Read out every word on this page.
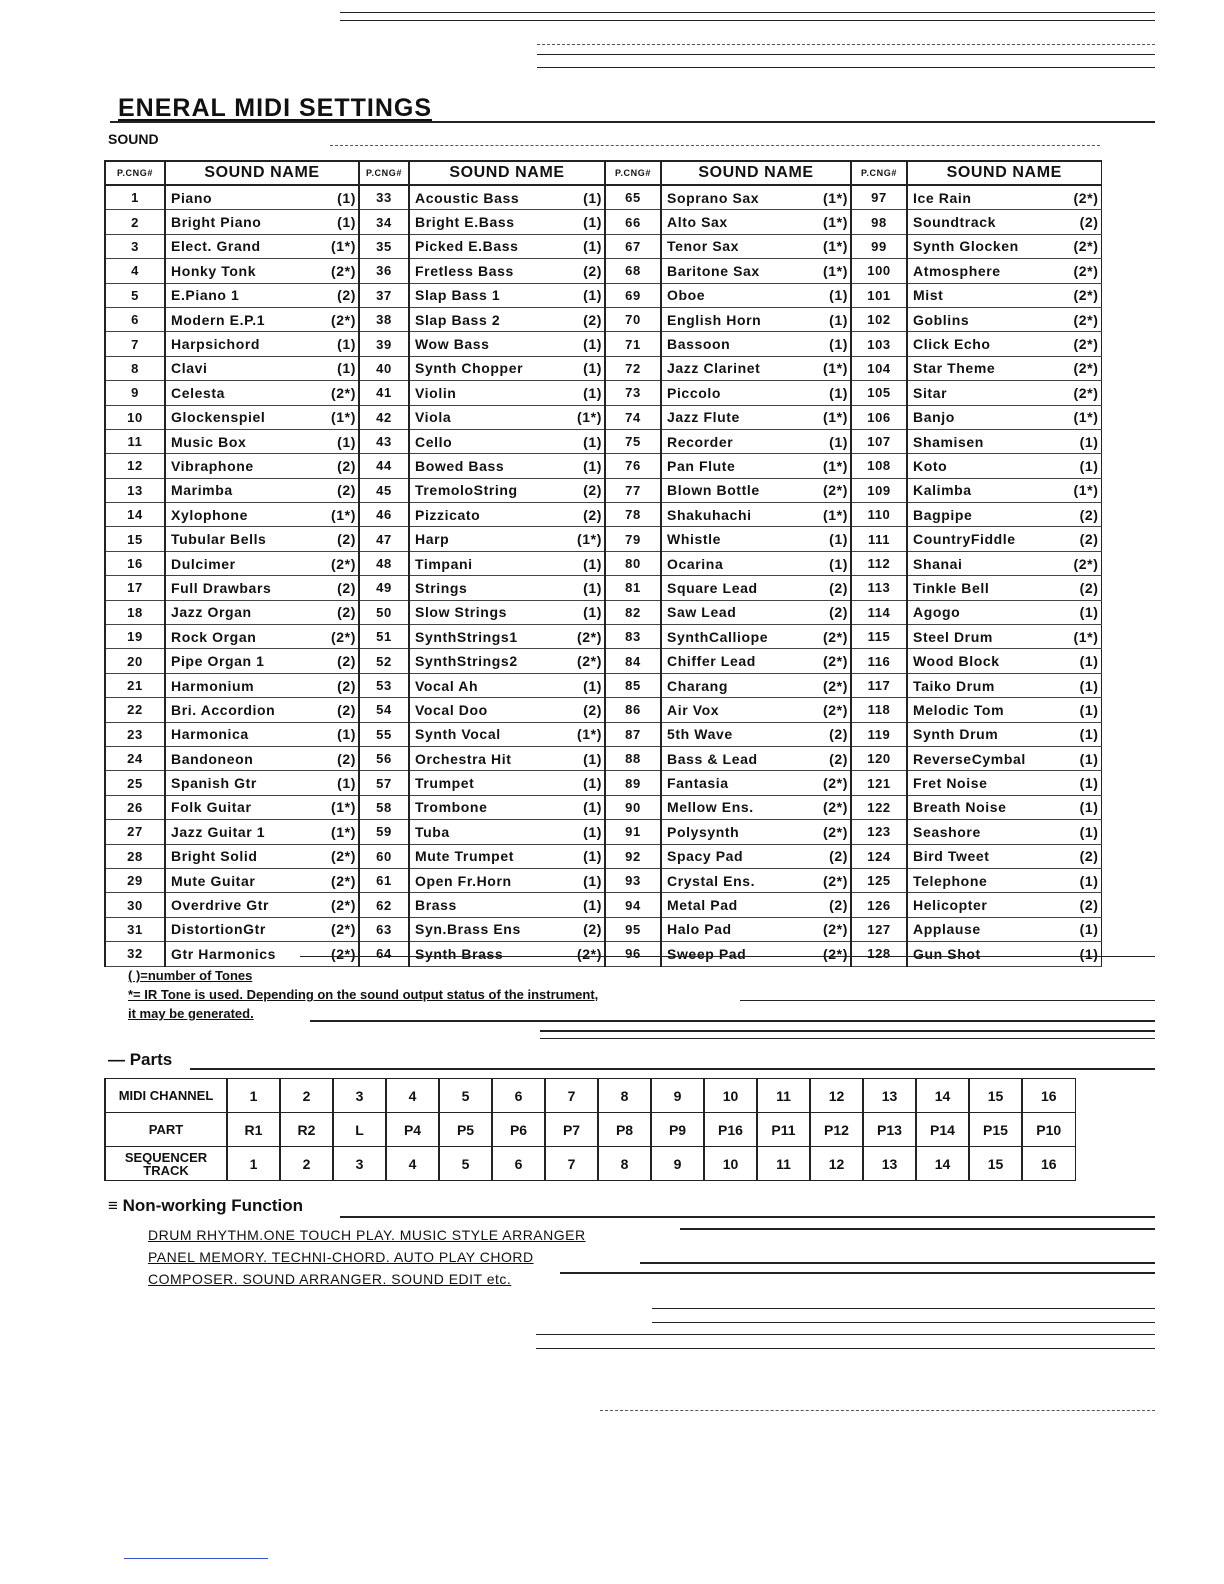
ENERAL MIDI SETTINGS
SOUND
P.CNG#	SOUND NAME	P.CNG#	SOUND NAME	P.CNG#	SOUND NAME	P.CNG#	SOUND NAME
1	Piano (1)	33	Acoustic Bass (1)	65	Soprano Sax (1*)	97	Ice Rain (2*)

2	Bright Piano (1)	34	Bright E.Bass (1)	66	Alto Sax (1*)	98	Soundtrack (2)

3	Elect. Grand (1*)	35	Picked E.Bass (1)	67	Tenor Sax (1*)	99	Synth Glocken (2*)

4	Honky Tonk (2*)	36	Fretless Bass (2)	68	Baritone Sax (1*)	100	Atmosphere (2*)

5	E.Piano 1 (2)	37	Slap Bass 1 (1)	69	Oboe (1)	101	Mist (2*)

6	Modern E.P.1 (2*)	38	Slap Bass 2 (2)	70	English Horn (1)	102	Goblins (2*)

7	Harpsichord (1)	39	Wow Bass (1)	71	Bassoon (1)	103	Click Echo (2*)

8	Clavi (1)	40	Synth Chopper (1)	72	Jazz Clarinet (1*)	104	Star Theme (2*)

9	Celesta (2*)	41	Violin (1)	73	Piccolo (1)	105	Sitar (2*)

10	Glockenspiel (1*)	42	Viola (1*)	74	Jazz Flute (1*)	106	Banjo (1*)

11	Music Box (1)	43	Cello (1)	75	Recorder (1)	107	Shamisen (1)

12	Vibraphone (2)	44	Bowed Bass (1)	76	Pan Flute (1*)	108	Koto (1)

13	Marimba (2)	45	TremoloString (2)	77	Blown Bottle (2*)	109	Kalimba (1*)

14	Xylophone (1*)	46	Pizzicato (2)	78	Shakuhachi (1*)	110	Bagpipe (2)

15	Tubular Bells (2)	47	Harp (1*)	79	Whistle (1)	111	CountryFiddle (2)

16	Dulcimer (2*)	48	Timpani (1)	80	Ocarina (1)	112	Shanai (2*)

17	Full Drawbars (2)	49	Strings (1)	81	Square Lead (2)	113	Tinkle Bell (2)

18	Jazz Organ (2)	50	Slow Strings (1)	82	Saw Lead (2)	114	Agogo (1)

19	Rock Organ (2*)	51	SynthStrings1 (2*)	83	SynthCalliope (2*)	115	Steel Drum (1*)

20	Pipe Organ 1 (2)	52	SynthStrings2 (2*)	84	Chiffer Lead (2*)	116	Wood Block (1)

21	Harmonium (2)	53	Vocal Ah (1)	85	Charang (2*)	117	Taiko Drum (1)

22	Bri. Accordion (2)	54	Vocal Doo (2)	86	Air Vox (2*)	118	Melodic Tom (1)

23	Harmonica (1)	55	Synth Vocal (1*)	87	5th Wave (2)	119	Synth Drum (1)

24	Bandoneon (2)	56	Orchestra Hit (1)	88	Bass & Lead (2)	120	ReverseCymbal (1)

25	Spanish Gtr (1)	57	Trumpet (1)	89	Fantasia (2*)	121	Fret Noise (1)

26	Folk Guitar (1*)	58	Trombone (1)	90	Mellow Ens. (2*)	122	Breath Noise (1)

27	Jazz Guitar 1 (1*)	59	Tuba (1)	91	Polysynth (2*)	123	Seashore (1)

28	Bright Solid (2*)	60	Mute Trumpet (1)	92	Spacy Pad (2)	124	Bird Tweet (2)

29	Mute Guitar (2*)	61	Open Fr.Horn (1)	93	Crystal Ens. (2*)	125	Telephone (1)

30	Overdrive Gtr (2*)	62	Brass (1)	94	Metal Pad (2)	126	Helicopter (2)

31	DistortionGtr (2*)	63	Syn.Brass Ens (2)	95	Halo Pad (2*)	127	Applause (1)

32	Gtr Harmonics (2*)	64	Synth Brass (2*)	96	Sweep Pad (2*)	128	Gun Shot (1)
( )=number of Tones
*= IR Tone is used. Depending on the sound output status of the instrument,
it may be generated.
— Parts
MIDI CHANNEL	1	2	3	4	5	6	7	8	9	10	11	12	13	14	15	16
PART	R1	R2	L	P4	P5	P6	P7	P8	P9	P16	P11	P12	P13	P14	P15	P10
SEQUENCER TRACK	1	2	3	4	5	6	7	8	9	10	11	12	13	14	15	16
≡ Non-working Function
DRUM RHYTHM.ONE TOUCH PLAY. MUSIC STYLE ARRANGER
PANEL MEMORY. TECHNI-CHORD. AUTO PLAY CHORD
COMPOSER. SOUND ARRANGER. SOUND EDIT etc.
